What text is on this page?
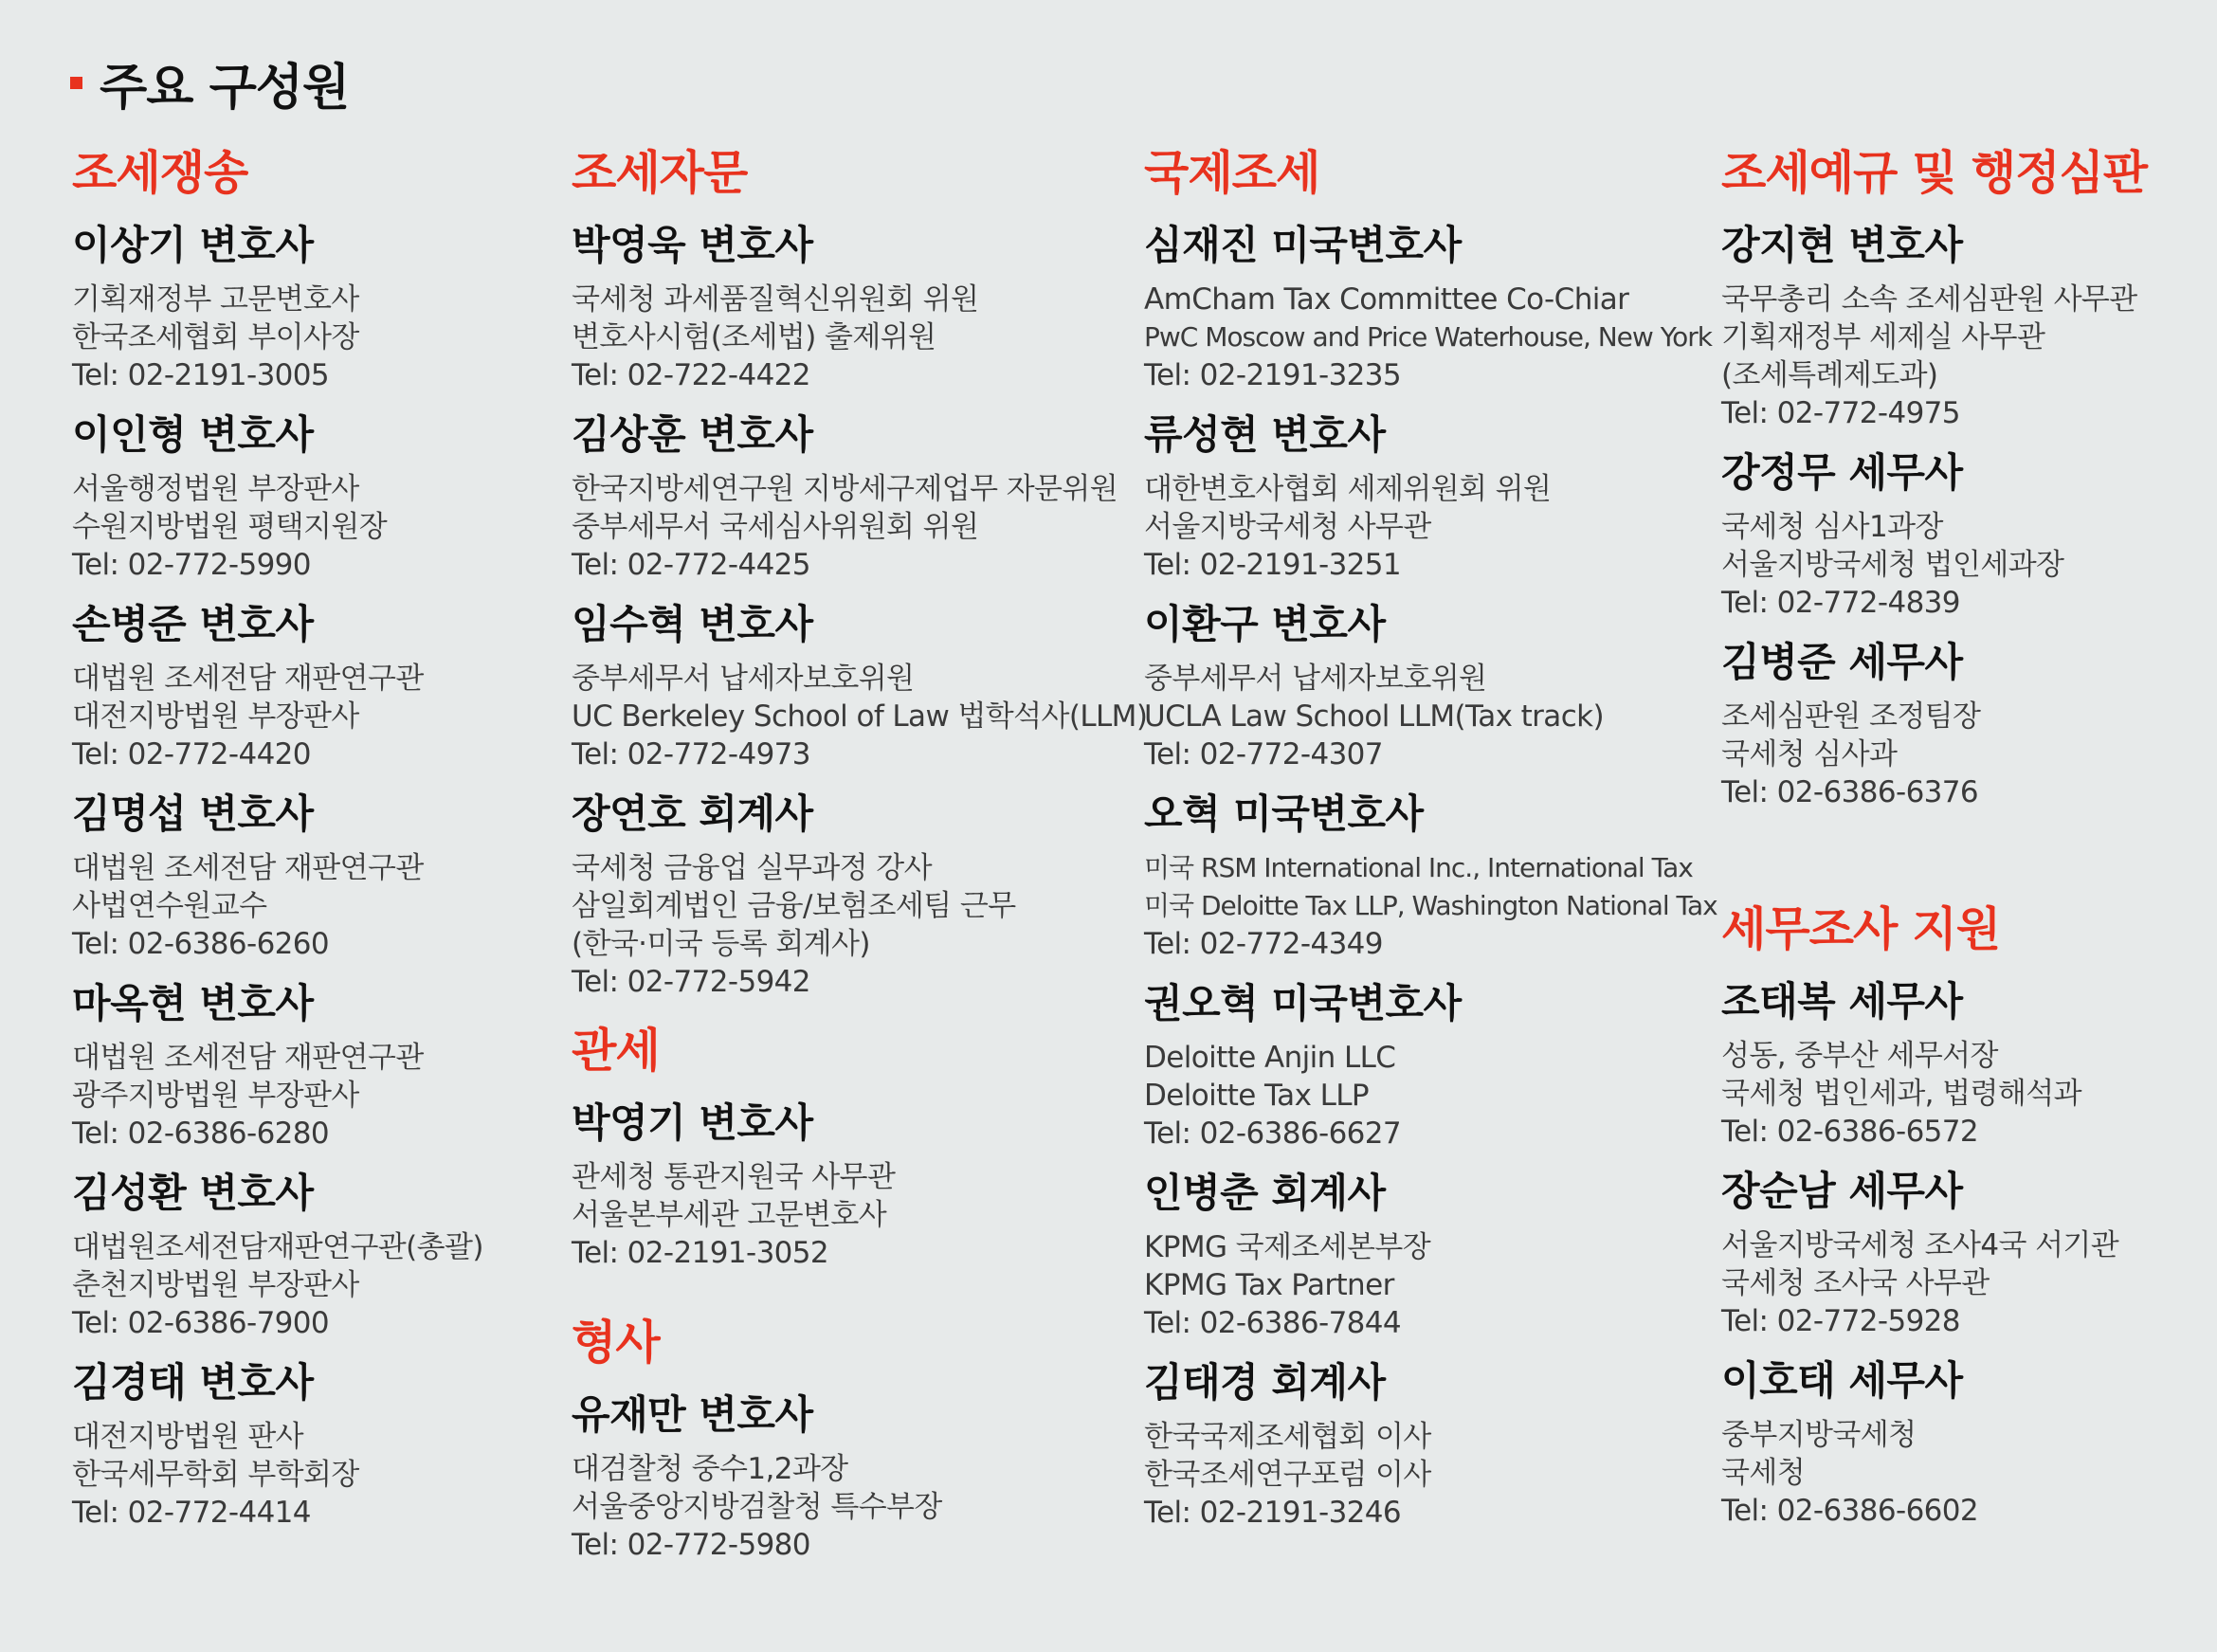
주요 구성원
조세쟁송
이상기 변호사
기획재정부 고문변호사
한국조세협회 부이사장
Tel: 02-2191-3005
이인형 변호사
서울행정법원 부장판사
수원지방법원 평택지원장
Tel: 02-772-5990
손병준 변호사
대법원 조세전담 재판연구관
대전지방법원 부장판사
Tel: 02-772-4420
김명섭 변호사
대법원 조세전담 재판연구관
사법연수원교수
Tel: 02-6386-6260
마옥현 변호사
대법원 조세전담 재판연구관
광주지방법원 부장판사
Tel: 02-6386-6280
김성환 변호사
대법원조세전담재판연구관(총괄)
춘천지방법원 부장판사
Tel: 02-6386-7900
김경태 변호사
대전지방법원 판사
한국세무학회 부학회장
Tel: 02-772-4414
조세자문
박영욱 변호사
국세청 과세품질혁신위원회 위원
변호사시험(조세법) 출제위원
Tel: 02-722-4422
김상훈 변호사
한국지방세연구원 지방세구제업무 자문위원
중부세무서 국세심사위원회 위원
Tel: 02-772-4425
임수혁 변호사
중부세무서 납세자보호위원
UC Berkeley School of Law 법학석사(LLM)
Tel: 02-772-4973
장연호 회계사
국세청 금융업 실무과정 강사
삼일회계법인 금융/보험조세팀 근무
(한국·미국 등록 회계사)
Tel: 02-772-5942
관세
박영기 변호사
관세청 통관지원국 사무관
서울본부세관 고문변호사
Tel: 02-2191-3052
형사
유재만 변호사
대검찰청 중수1,2과장
서울중앙지방검찰청 특수부장
Tel: 02-772-5980
국제조세
심재진 미국변호사
AmCham Tax Committee Co-Chiar
PwC Moscow and Price Waterhouse, New York
Tel: 02-2191-3235
류성현 변호사
대한변호사협회 세제위원회 위원
서울지방국세청 사무관
Tel: 02-2191-3251
이환구 변호사
중부세무서 납세자보호위원
UCLA Law School LLM(Tax track)
Tel: 02-772-4307
오혁 미국변호사
미국 RSM International Inc., International Tax
미국 Deloitte Tax LLP, Washington National Tax
Tel: 02-772-4349
권오혁 미국변호사
Deloitte Anjin LLC
Deloitte Tax LLP
Tel: 02-6386-6627
인병춘 회계사
KPMG 국제조세본부장
KPMG Tax Partner
Tel: 02-6386-7844
김태경 회계사
한국국제조세협회 이사
한국조세연구포럼 이사
Tel: 02-2191-3246
조세예규 및 행정심판
강지현 변호사
국무총리 소속 조세심판원 사무관
기획재정부 세제실 사무관
(조세특례제도과)
Tel: 02-772-4975
강정무 세무사
국세청 심사1과장
서울지방국세청 법인세과장
Tel: 02-772-4839
김병준 세무사
조세심판원 조정팀장
국세청 심사과
Tel: 02-6386-6376
세무조사 지원
조태복 세무사
성동, 중부산 세무서장
국세청 법인세과, 법령해석과
Tel: 02-6386-6572
장순남 세무사
서울지방국세청 조사4국 서기관
국세청 조사국 사무관
Tel: 02-772-5928
이호태 세무사
중부지방국세청
국세청
Tel: 02-6386-6602
